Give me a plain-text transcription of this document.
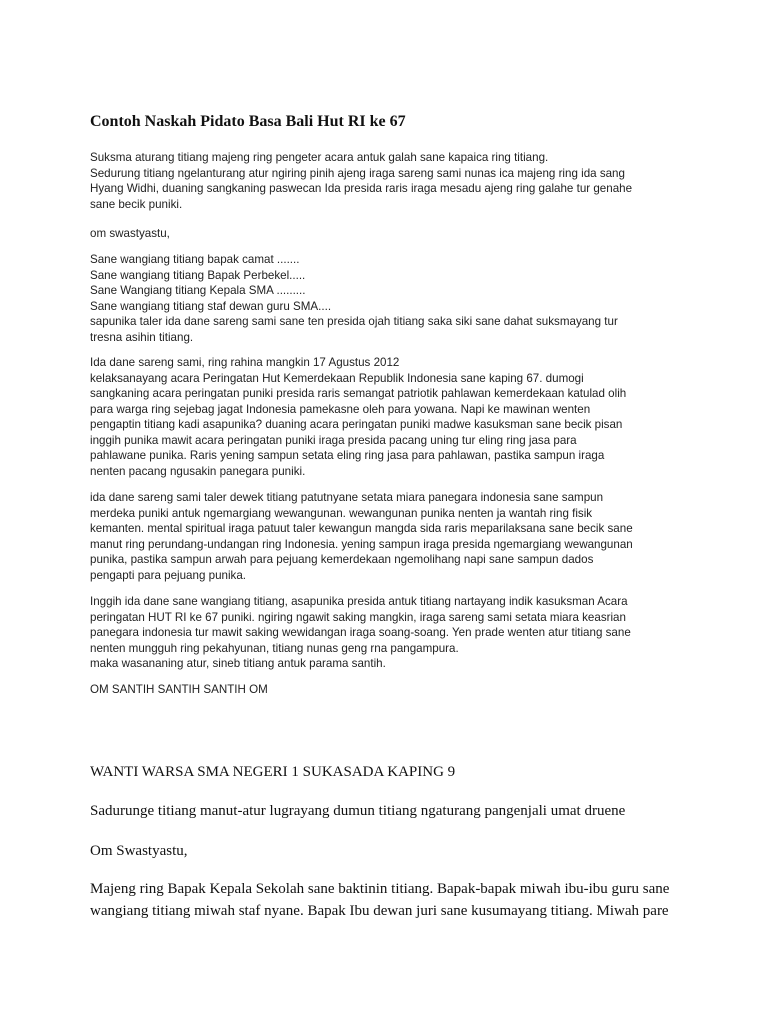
Contoh Naskah Pidato Basa Bali Hut RI ke 67

Suksma aturang titiang majeng ring pengeter acara antuk galah sane kapaica ring titiang.
Sedurung titiang ngelanturang atur ngiring pinih ajeng iraga sareng sami nunas ica majeng ring ida sang
Hyang Widhi, duaning sangkaning paswecan Ida presida raris iraga mesadu ajeng ring galahe tur genahe
sane becik puniki.

om swastyastu,

Sane wangiang titiang bapak camat .......
Sane wangiang titiang Bapak Perbekel.....
Sane Wangiang titiang Kepala SMA .........
Sane wangiang titiang staf dewan guru SMA....
sapunika taler ida dane sareng sami sane ten presida ojah titiang saka siki sane dahat suksmayang tur
tresna asihin titiang.

Ida dane sareng sami, ring rahina mangkin 17 Agustus 2012
kelaksanayang acara Peringatan Hut Kemerdekaan Republik Indonesia sane kaping 67. dumogi
sangkaning acara peringatan puniki presida raris semangat patriotik pahlawan kemerdekaan katulad olih
para warga ring sejebag jagat Indonesia pamekasne oleh para yowana. Napi ke mawinan wenten
pengaptin titiang kadi asapunika? duaning acara peringatan puniki madwe kasuksman sane becik pisan
inggih punika mawit acara peringatan puniki iraga presida pacang uning tur eling ring jasa para
pahlawane punika. Raris yening sampun setata eling ring jasa para pahlawan, pastika sampun iraga
nenten pacang ngusakin panegara puniki.

ida dane sareng sami taler dewek titiang patutnyane setata miara panegara indonesia sane sampun
merdeka puniki antuk ngemargiang wewangunan. wewangunan punika nenten ja wantah ring fisik
kemanten. mental spiritual iraga patuut taler kewangun mangda sida raris meparilaksana sane becik sane
manut ring perundang-undangan ring Indonesia. yening sampun iraga presida ngemargiang wewangunan
punika, pastika sampun arwah para pejuang kemerdekaan ngemolihang napi sane sampun dados
pengapti para pejuang punika.

Inggih ida dane sane wangiang titiang, asapunika presida antuk titiang nartayang indik kasuksman Acara
peringatan HUT RI ke 67 puniki. ngiring ngawit saking mangkin, iraga sareng sami setata miara keasrian
panegara indonesia tur mawit saking wewidangan iraga soang-soang. Yen prade wenten atur titiang sane
nenten mungguh ring pekahyunan, titiang nunas geng rna pangampura.
maka wasananing atur, sineb titiang antuk parama santih.

OM SANTIH SANTIH SANTIH OM

WANTI WARSA SMA NEGERI 1 SUKASADA KAPING 9

Sadurunge titiang manut-atur lugrayang dumun titiang ngaturang pangenjali umat druene

Om Swastyastu,

Majeng ring Bapak Kepala Sekolah sane baktinin titiang. Bapak-bapak miwah ibu-ibu guru sane
wangiang titiang miwah staf nyane. Bapak Ibu dewan juri sane kusumayang titiang. Miwah pare
